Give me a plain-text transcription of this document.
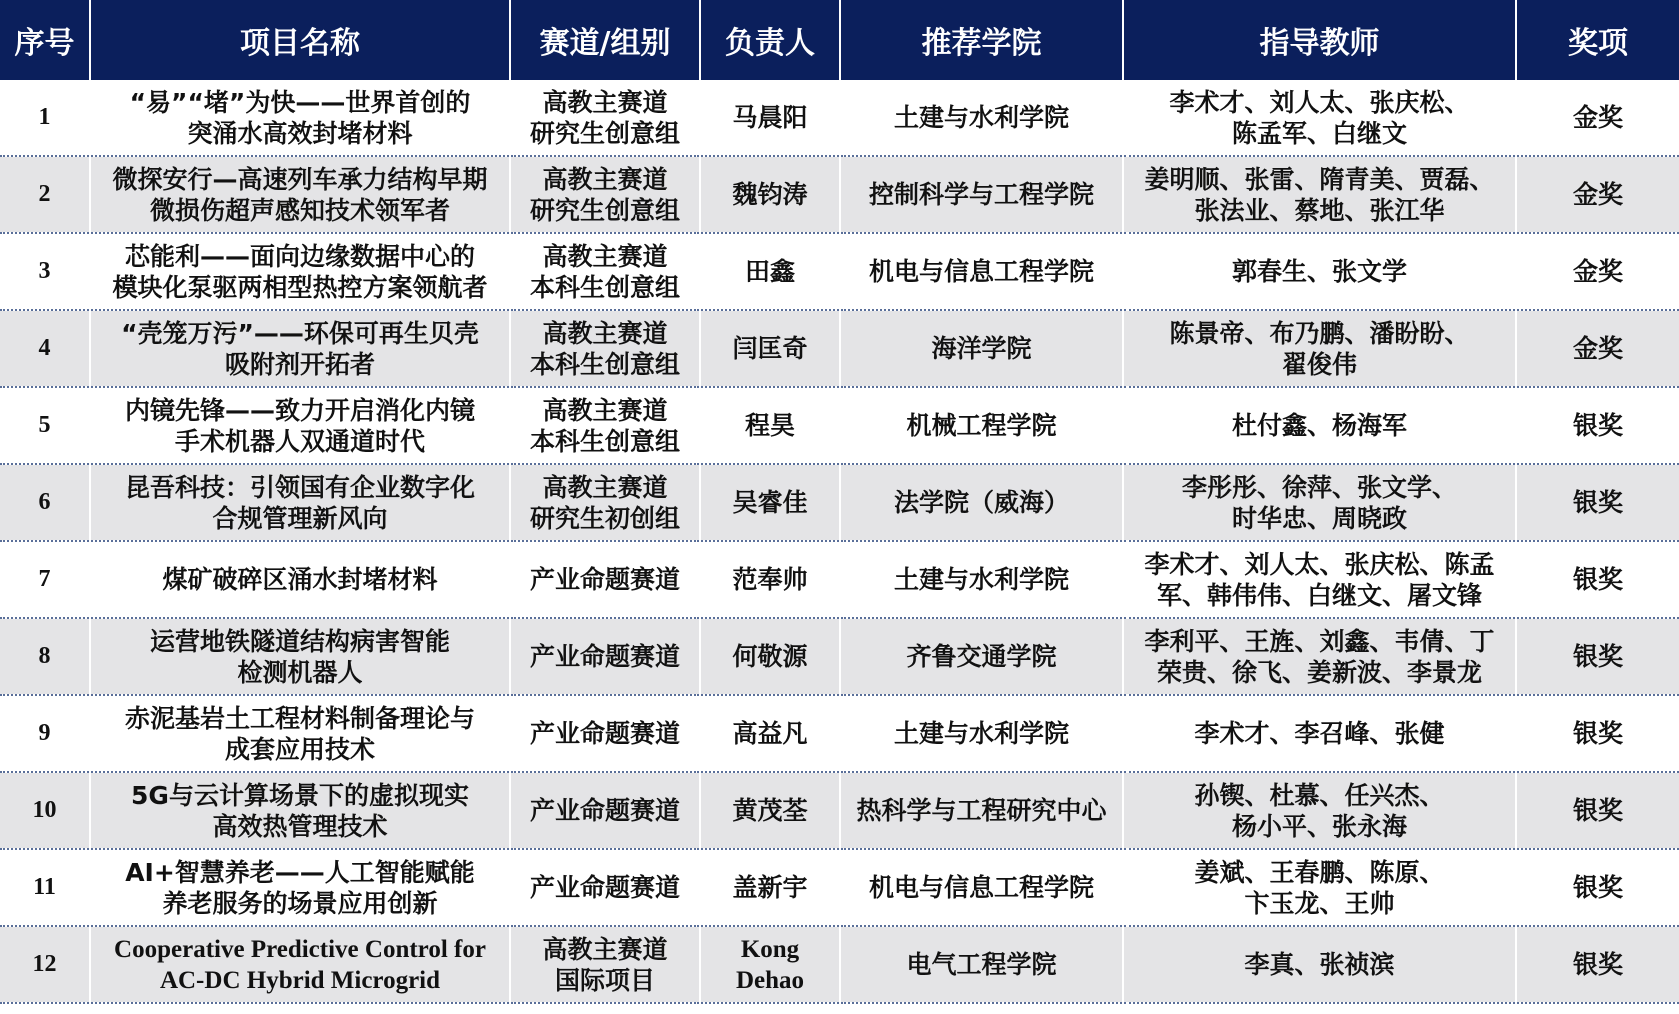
序号	项目名称	赛道/组别	负责人	推荐学院	指导教师	奖项
1	“易”“堵”为快——世界首创的
突涌水高效封堵材料	高教主赛道
研究生创意组	马晨阳	土建与水利学院	李术才、刘人太、张庆松、
陈孟军、白继文	金奖
2	微探安行—高速列车承力结构早期
微损伤超声感知技术领军者	高教主赛道
研究生创意组	魏钧涛	控制科学与工程学院	姜明顺、张雷、隋青美、贾磊、
张法业、蔡地、张江华	金奖
3	芯能利——面向边缘数据中心的
模块化泵驱两相型热控方案领航者	高教主赛道
本科生创意组	田鑫	机电与信息工程学院	郭春生、张文学	金奖
4	“壳笼万污”——环保可再生贝壳
吸附剂开拓者	高教主赛道
本科生创意组	闫匡奇	海洋学院	陈景帝、布乃鹏、潘盼盼、
翟俊伟	金奖
5	内镜先锋——致力开启消化内镜
手术机器人双通道时代	高教主赛道
本科生创意组	程昊	机械工程学院	杜付鑫、杨海军	银奖
6	昆吾科技：引领国有企业数字化
合规管理新风向	高教主赛道
研究生初创组	吴睿佳	法学院（威海）	李彤彤、徐萍、张文学、
时华忠、周晓政	银奖
7	煤矿破碎区涌水封堵材料	产业命题赛道	范奉帅	土建与水利学院	李术才、刘人太、张庆松、陈孟
军、韩伟伟、白继文、屠文锋	银奖
8	运营地铁隧道结构病害智能
检测机器人	产业命题赛道	何敬源	齐鲁交通学院	李利平、王旌、刘鑫、韦倩、丁
荣贵、徐飞、姜新波、李景龙	银奖
9	赤泥基岩土工程材料制备理论与
成套应用技术	产业命题赛道	高益凡	土建与水利学院	李术才、李召峰、张健	银奖
10	5G与云计算场景下的虚拟现实
高效热管理技术	产业命题赛道	黄茂荃	热科学与工程研究中心	孙锲、杜慕、任兴杰、
杨小平、张永海	银奖
11	AI+智慧养老——人工智能赋能
养老服务的场景应用创新	产业命题赛道	盖新宇	机电与信息工程学院	姜斌、王春鹏、陈原、
卞玉龙、王帅	银奖
12	Cooperative Predictive Control for
AC-DC Hybrid Microgrid	高教主赛道
国际项目	Kong
Dehao	电气工程学院	李真、张祯滨	银奖
